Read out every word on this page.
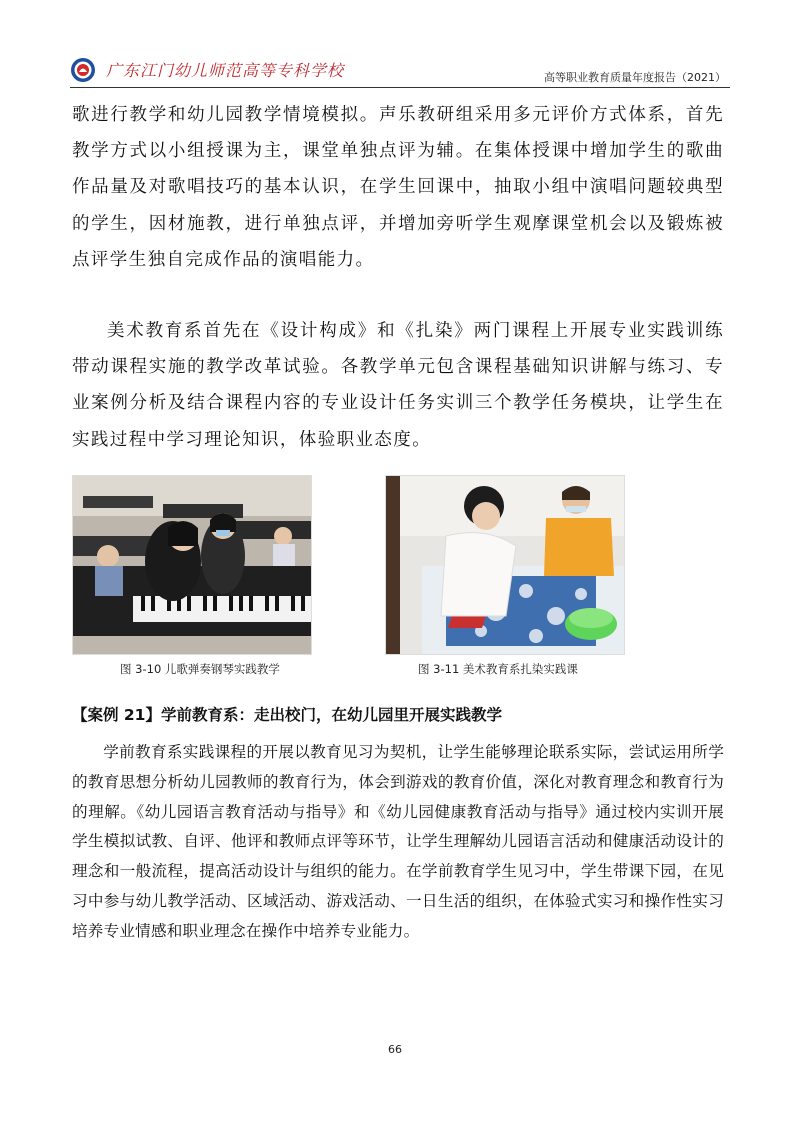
广东江门幼儿师范高等专科学校	高等职业教育质量年度报告（2021）

歌进行教学和幼儿园教学情境模拟。声乐教研组采用多元评价方式体系，首先教学方式以小组授课为主，课堂单独点评为辅。在集体授课中增加学生的歌曲作品量及对歌唱技巧的基本认识，在学生回课中，抽取小组中演唱问题较典型的学生，因材施教，进行单独点评，并增加旁听学生观摩课堂机会以及锻炼被点评学生独自完成作品的演唱能力。

美术教育系首先在《设计构成》和《扎染》两门课程上开展专业实践训练带动课程实施的教学改革试验。各教学单元包含课程基础知识讲解与练习、专业案例分析及结合课程内容的专业设计任务实训三个教学任务模块，让学生在实践过程中学习理论知识，体验职业态度。

图 3-10 儿歌弹奏钢琴实践教学	图 3-11 美术教育系扎染实践课
【案例 21】学前教育系：走出校门，在幼儿园里开展实践教学

学前教育系实践课程的开展以教育见习为契机，让学生能够理论联系实际，尝试运用所学的教育思想分析幼儿园教师的教育行为，体会到游戏的教育价值，深化对教育理念和教育行为的理解。《幼儿园语言教育活动与指导》和《幼儿园健康教育活动与指导》通过校内实训开展学生模拟试教、自评、他评和教师点评等环节，让学生理解幼儿园语言活动和健康活动设计的理念和一般流程，提高活动设计与组织的能力。在学前教育学生见习中，学生带课下园，在见习中参与幼儿教学活动、区域活动、游戏活动、一日生活的组织，在体验式实习和操作性实习培养专业情感和职业理念在操作中培养专业能力。

66
